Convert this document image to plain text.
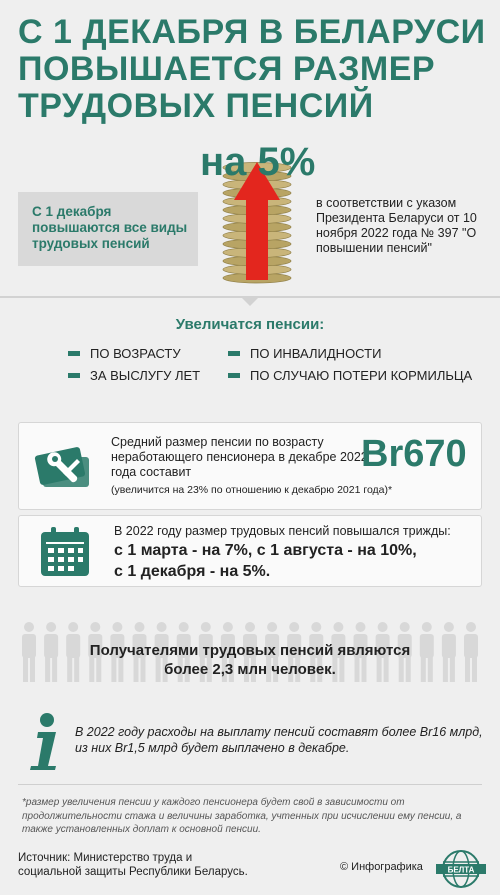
С 1 ДЕКАБРЯ В БЕЛАРУСИ
ПОВЫШАЕТСЯ РАЗМЕР
ТРУДОВЫХ ПЕНСИЙ
С 1 декабря повышаются все виды трудовых пенсий
на 5%
в соответствии с указом Президента Беларуси от 10 ноября 2022 года № 397 "О повышении пенсий"
Увеличатся пенсии:
ПО ВОЗРАСТУ	ПО ИНВАЛИДНОСТИ
ЗА ВЫСЛУГУ ЛЕТ	ПО СЛУЧАЮ ПОТЕРИ КОРМИЛЬЦА
Средний размер пенсии по возрасту неработающего пенсионера в декабре 2022 года составит	Br670
(увеличится на 23% по отношению к декабрю 2021 года)*
В 2022 году размер трудовых пенсий повышался трижды:
с 1 марта - на 7%, с 1 августа - на 10%,
с 1 декабря - на 5%.
Получателями трудовых пенсий являются
более 2,3 млн человек.
В 2022 году расходы на выплату пенсий составят более Br16 млрд, из них Br1,5 млрд будет выплачено в декабре.
*размер увеличения пенсии у каждого пенсионера будет свой в зависимости от продолжительности стажа и величины заработка, учтенных при исчислении ему пенсии, а также установленных доплат к основной пенсии.
Источник: Министерство труда и социальной защиты Республики Беларусь.	© Инфографика	БЕЛТА
